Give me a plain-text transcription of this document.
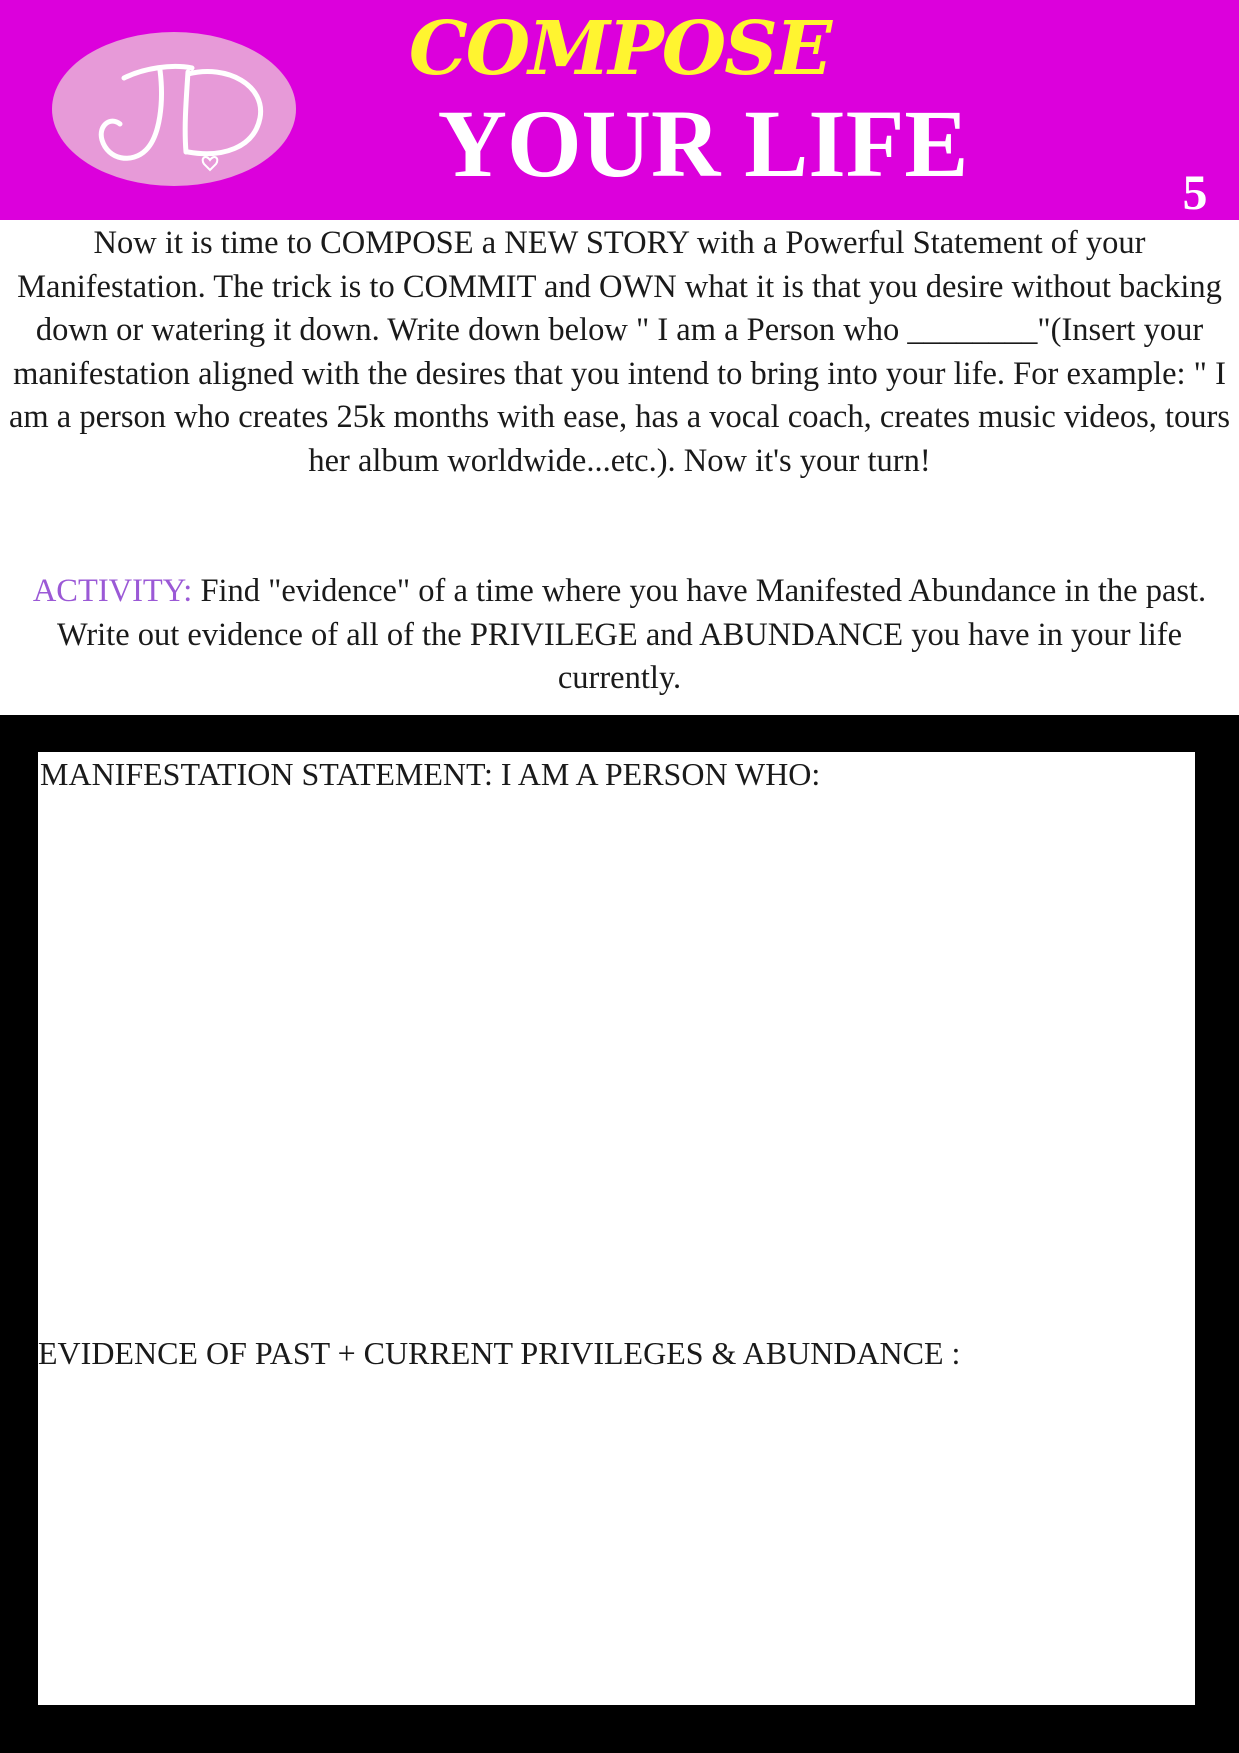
COMPOSE
YOUR LIFE	5

Now it is time to COMPOSE a NEW STORY with a Powerful Statement of your Manifestation. The trick is to COMMIT and OWN what it is that you desire without backing down or watering it down. Write down below " I am a Person who ________"(Insert your manifestation aligned with the desires that you intend to bring into your life. For example: " I am a person who creates 25k months with ease, has a vocal coach, creates music videos, tours her album worldwide...etc.). Now it's your turn!

ACTIVITY: Find "evidence" of a time where you have Manifested Abundance in the past. Write out evidence of all of the PRIVILEGE and ABUNDANCE you have in your life currently.

MANIFESTATION STATEMENT: I AM A PERSON WHO:

EVIDENCE OF PAST + CURRENT PRIVILEGES & ABUNDANCE :
